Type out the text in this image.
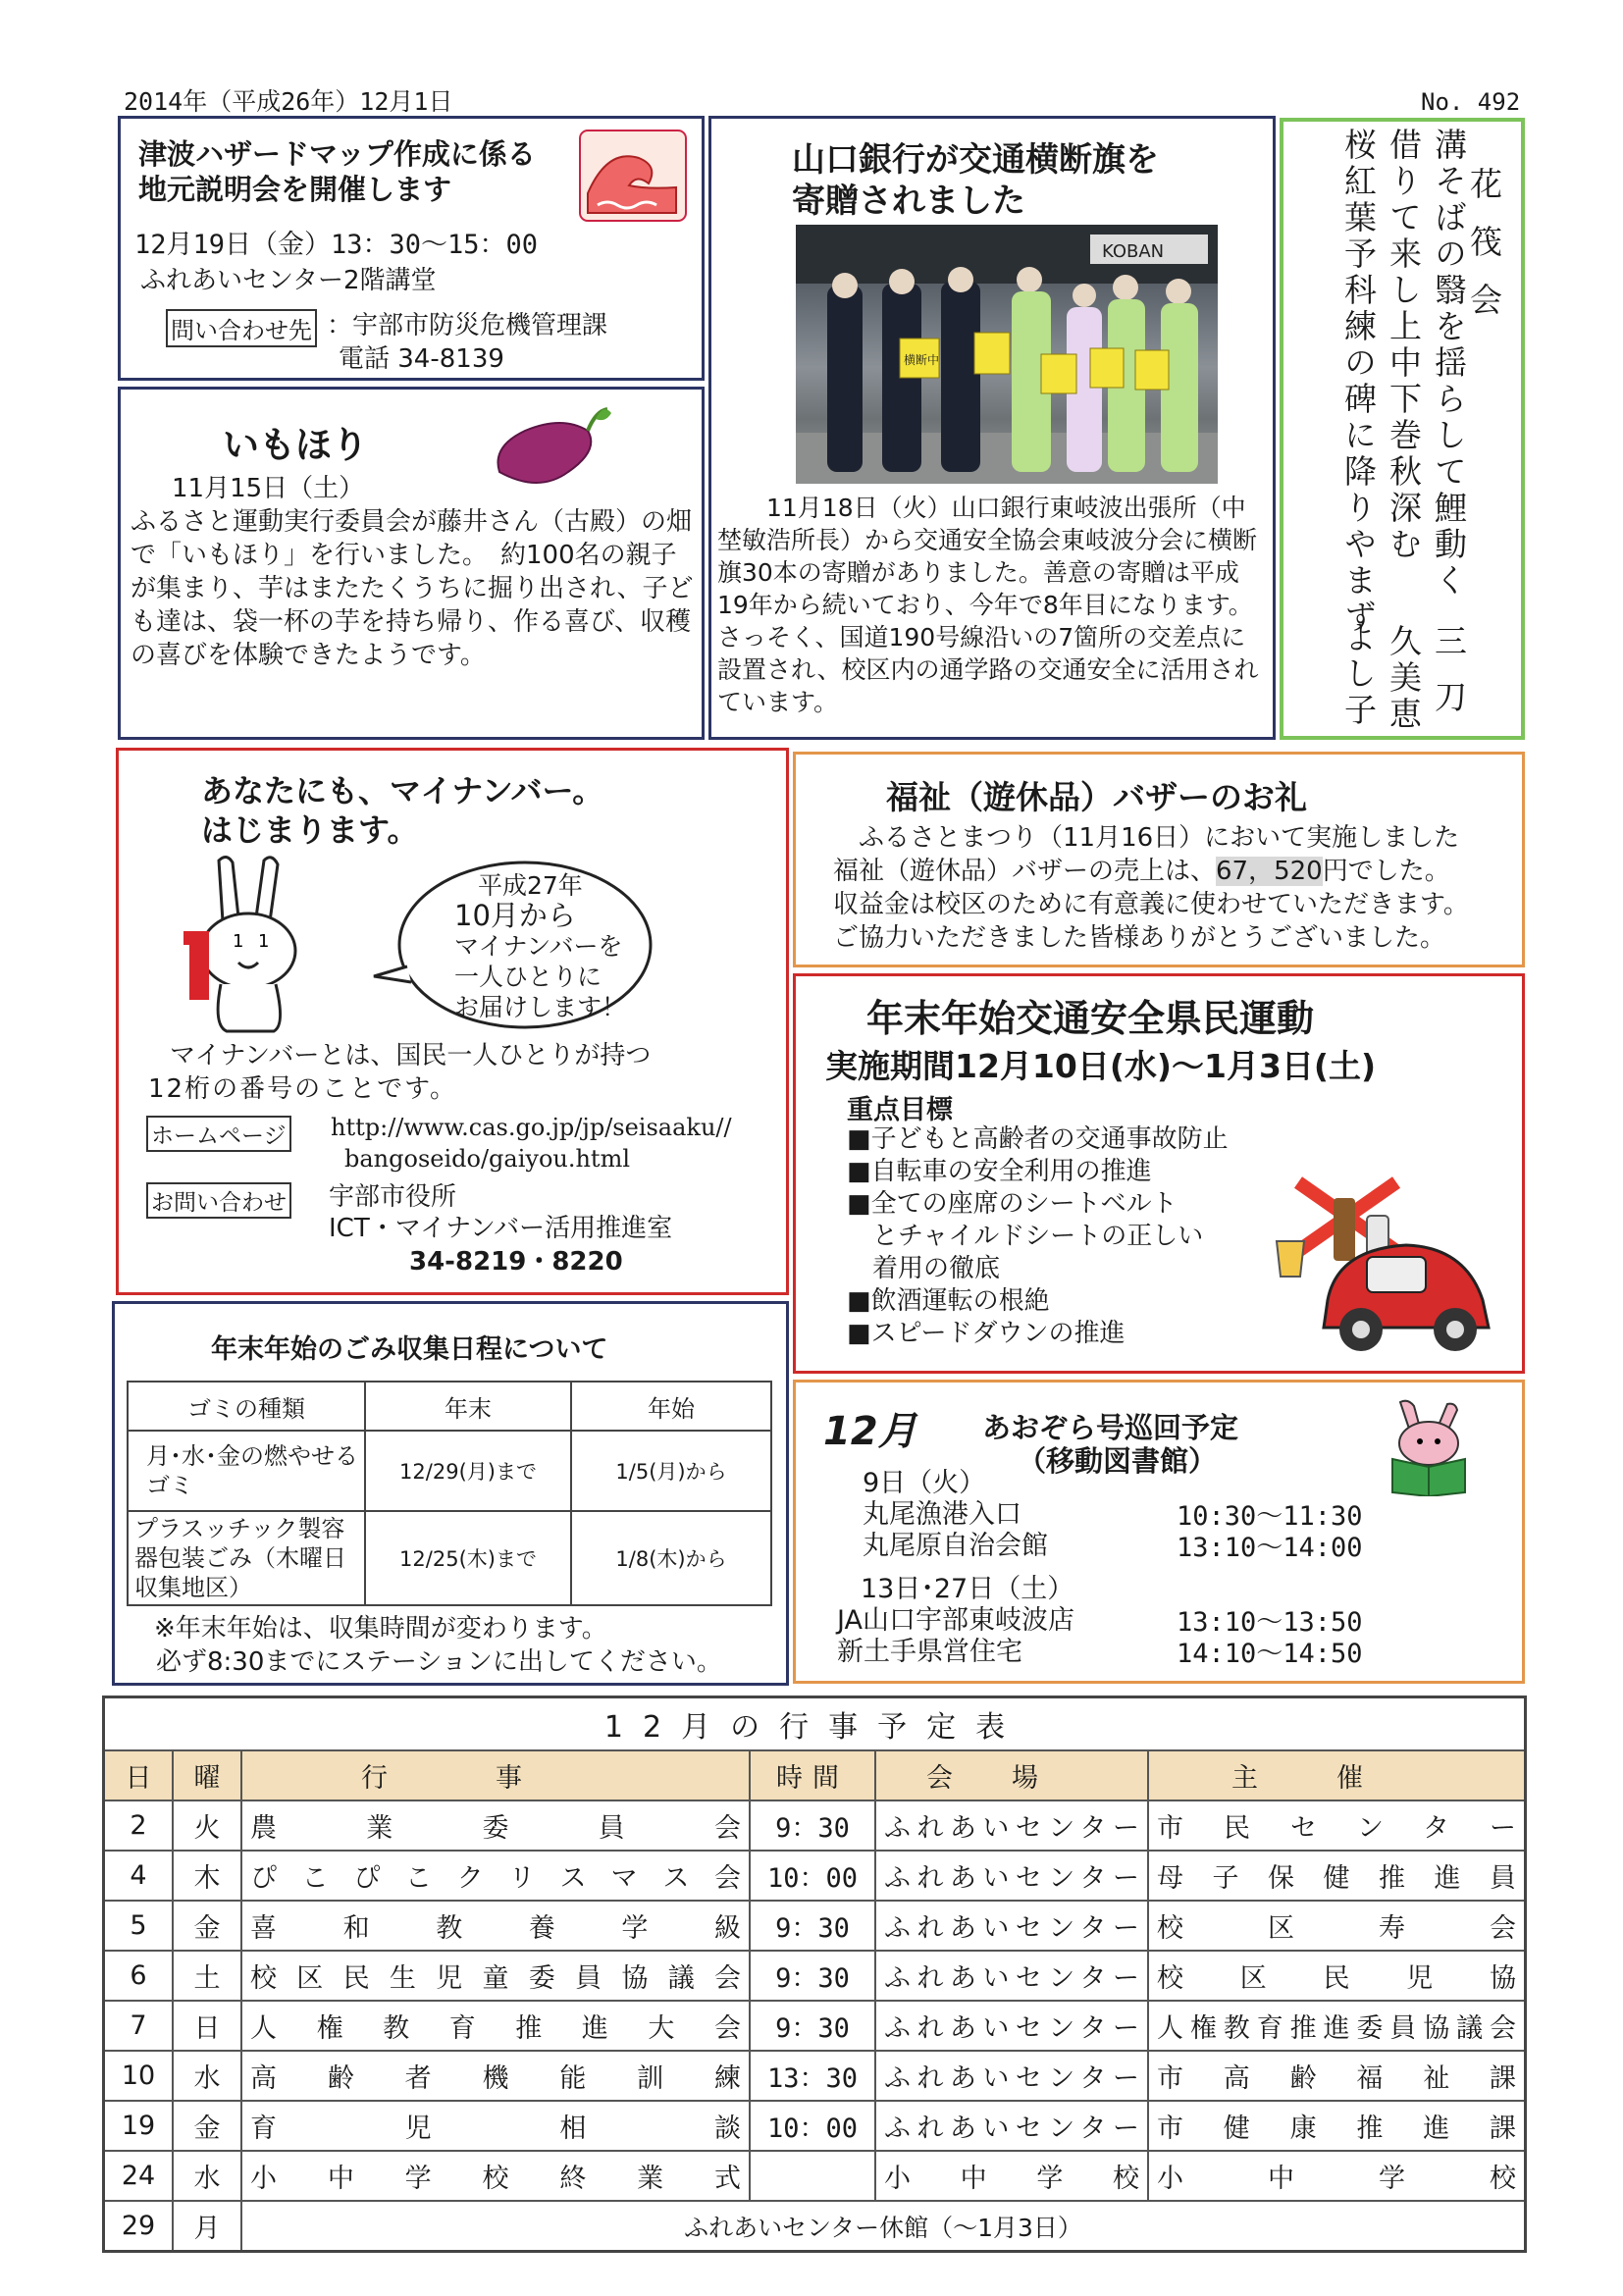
2014年（平成26年）12月1日	No. 492
津波ハザードマップ作成に係る
地元説明会を開催します
12月19日（金）13：30～15：00
ふれあいセンター2階講堂
問い合わせ先 ：宇部市防災危機管理課
電話 34-8139
いもほり
11月15日（土）
ふるさと運動実行委員会が藤井さん（古殿）の畑で「いもほり」を行いました。　約100名の親子が集まり、芋はまたたくうちに掘り出され、子ども達は、袋一杯の芋を持ち帰り、作る喜び、収穫の喜びを体験できたようです。
山口銀行が交通横断旗を
寄贈されました
KOBAN
横断中
11月18日（火）山口銀行東岐波出張所（中埜敏浩所長）から交通安全協会東岐波分会に横断旗30本の寄贈がありました。善意の寄贈は平成19年から続いており、今年で8年目になります。さっそく、国道190号線沿いの7箇所の交差点に設置され、校区内の通学路の交通安全に活用されています。
花筏会
溝そばの翳を揺らして鯉動く
三刀
借りて来し上中下巻秋深む
久美恵
桜紅葉予科練の碑に降りやまず
よし子
あなたにも、マイナンバー。
はじまります。
1 1
平成27年
10月から
マイナンバーを
一人ひとりに
お届けします！
マイナンバーとは、国民一人ひとりが持つ
12桁の番号のことです。
ホームページ http://www.cas.go.jp/jp/seisaaku//
bangoseido/gaiyou.html
お問い合わせ 宇部市役所
ICT・マイナンバー活用推進室
34-8219・8220
福祉（遊休品）バザーのお礼
ふるさとまつり（11月16日）において実施しました
福祉（遊休品）バザーの売上は、67，520円でした。
収益金は校区のために有意義に使わせていただきます。
ご協力いただきました皆様ありがとうございました。
年末年始交通安全県民運動
実施期間12月10日(水)～1月3日(土)
重点目標
■子どもと高齢者の交通事故防止
■自転車の安全利用の推進
■全ての座席のシートベルト
　とチャイルドシートの正しい
　着用の徹底
■飲酒運転の根絶
■スピードダウンの推進
年末年始のごみ収集日程について
ゴミの種類	年末	年始
月･水･金の燃やせるゴミ	12/29(月)まで	1/5(月)から
プラスッチック製容器包装ごみ（木曜日収集地区）	12/25(木)まで	1/8(木)から
※年末年始は、収集時間が変わります。
必ず8:30までにステーションに出してください。
12月 あおぞら号巡回予定
（移動図書館）
9日（火）
丸尾漁港入口	10:30～11:30
丸尾原自治会館	13:10～14:00
13日･27日（土）
JA山口宇部東岐波店	13:10～13:50
新土手県営住宅	14:10～14:50
12月の行事予定表					
日	曜	行事	時間	会場	主催
2	火	農業委員会	9：30	ふれあいセンター	市民センター
4	木	ぴこぴこクリスマス会	10：00	ふれあいセンター	母子保健推進員
5	金	喜和教養学級	9：30	ふれあいセンター	校区寿会
6	土	校区民生児童委員協議会	9：30	ふれあいセンター	校区民児協
7	日	人権教育推進大会	9：30	ふれあいセンター	人権教育推進委員協議会
10	水	高齢者機能訓練	13：30	ふれあいセンター	市高齢福祉課
19	金	育児相談	10：00	ふれあいセンター	市健康推進課
24	水	小中学校終業式		小中学校	小中学校
29	月	ふれあいセンター休館（～1月3日）			
